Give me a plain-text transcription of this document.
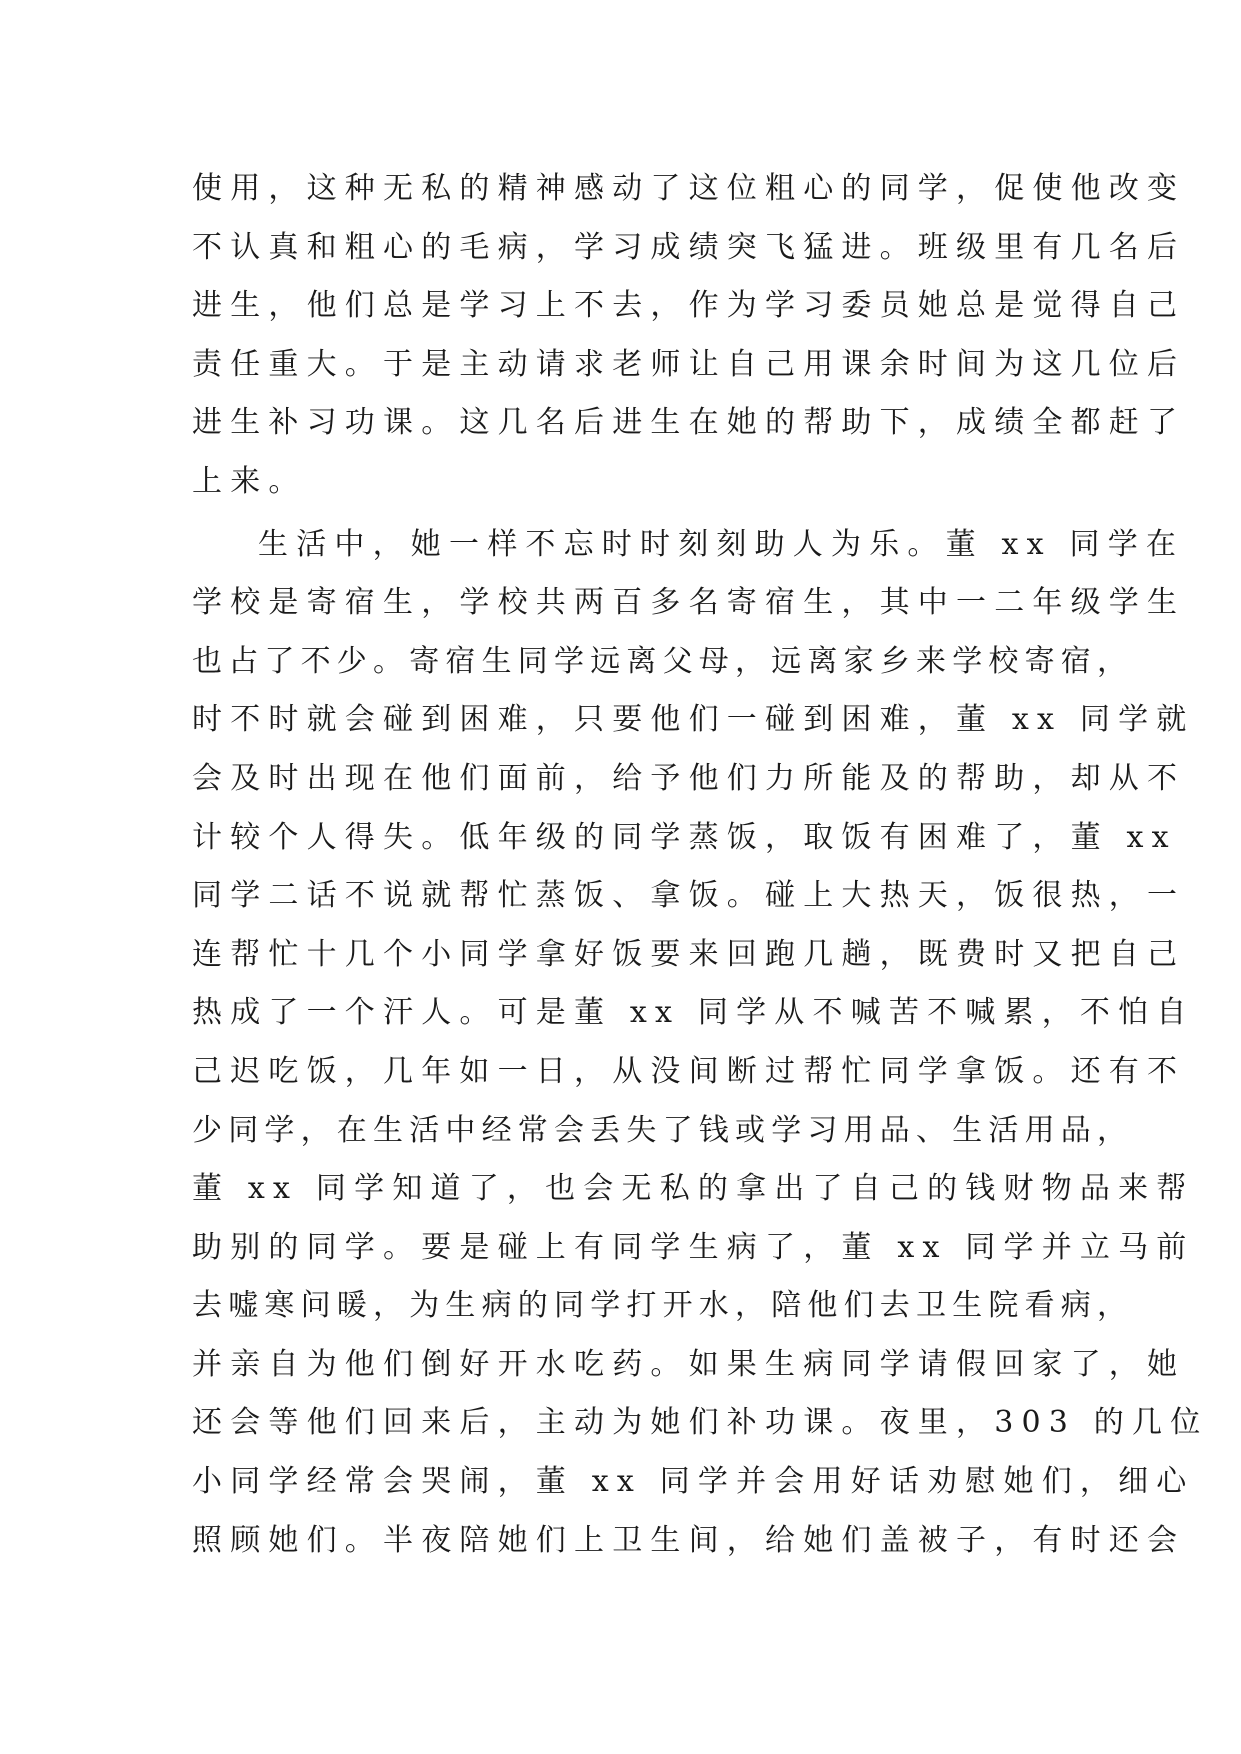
使用，这种无私的精神感动了这位粗心的同学，促使他改变
不认真和粗心的毛病，学习成绩突飞猛进。班级里有几名后
进生，他们总是学习上不去，作为学习委员她总是觉得自己
责任重大。于是主动请求老师让自己用课余时间为这几位后
进生补习功课。这几名后进生在她的帮助下，成绩全都赶了
上来。
生活中，她一样不忘时时刻刻助人为乐。董 xx 同学在
学校是寄宿生，学校共两百多名寄宿生，其中一二年级学生
也占了不少。寄宿生同学远离父母，远离家乡来学校寄宿，
时不时就会碰到困难，只要他们一碰到困难，董 xx 同学就
会及时出现在他们面前，给予他们力所能及的帮助，却从不
计较个人得失。低年级的同学蒸饭，取饭有困难了，董 xx
同学二话不说就帮忙蒸饭、拿饭。碰上大热天，饭很热，一
连帮忙十几个小同学拿好饭要来回跑几趟，既费时又把自己
热成了一个汗人。可是董 xx 同学从不喊苦不喊累，不怕自
己迟吃饭，几年如一日，从没间断过帮忙同学拿饭。还有不
少同学，在生活中经常会丢失了钱或学习用品、生活用品，
董 xx 同学知道了，也会无私的拿出了自己的钱财物品来帮
助别的同学。要是碰上有同学生病了，董 xx 同学并立马前
去嘘寒问暖，为生病的同学打开水，陪他们去卫生院看病，
并亲自为他们倒好开水吃药。如果生病同学请假回家了，她
还会等他们回来后，主动为她们补功课。夜里，303 的几位
小同学经常会哭闹，董 xx 同学并会用好话劝慰她们，细心
照顾她们。半夜陪她们上卫生间，给她们盖被子，有时还会
